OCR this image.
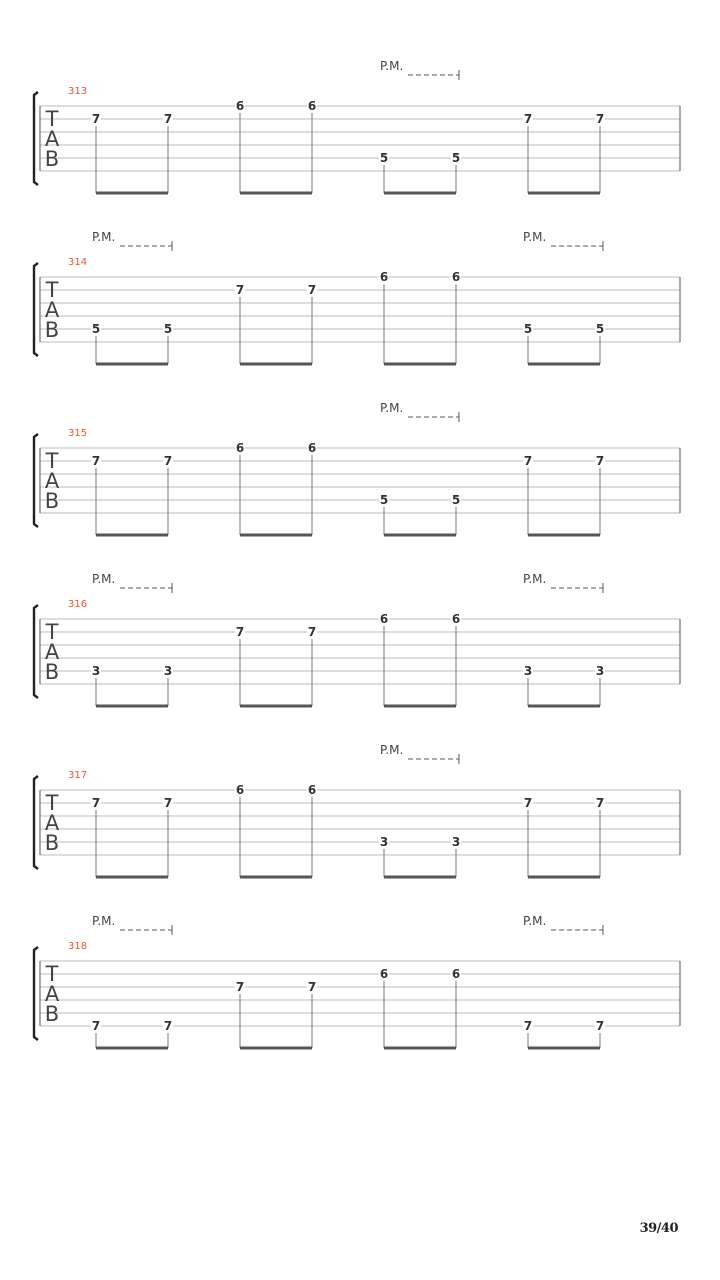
313
T
A
B
7	7
6	6
5	5
7	7
P.M.
314
T
A
B	5	5
7	7
6	6
5	5
P.M.	P.M.
315
T
A
B
7	7
6	6
5	5
7	7
P.M.
316
T
A
B	3	3
7	7
6	6
3	3
P.M.	P.M.
317
T
A
B
7	7
6	6
3	3
7	7
P.M.
318
T
A
B	7	7
7	7
6	6
7	7
P.M.	P.M.
39/40
